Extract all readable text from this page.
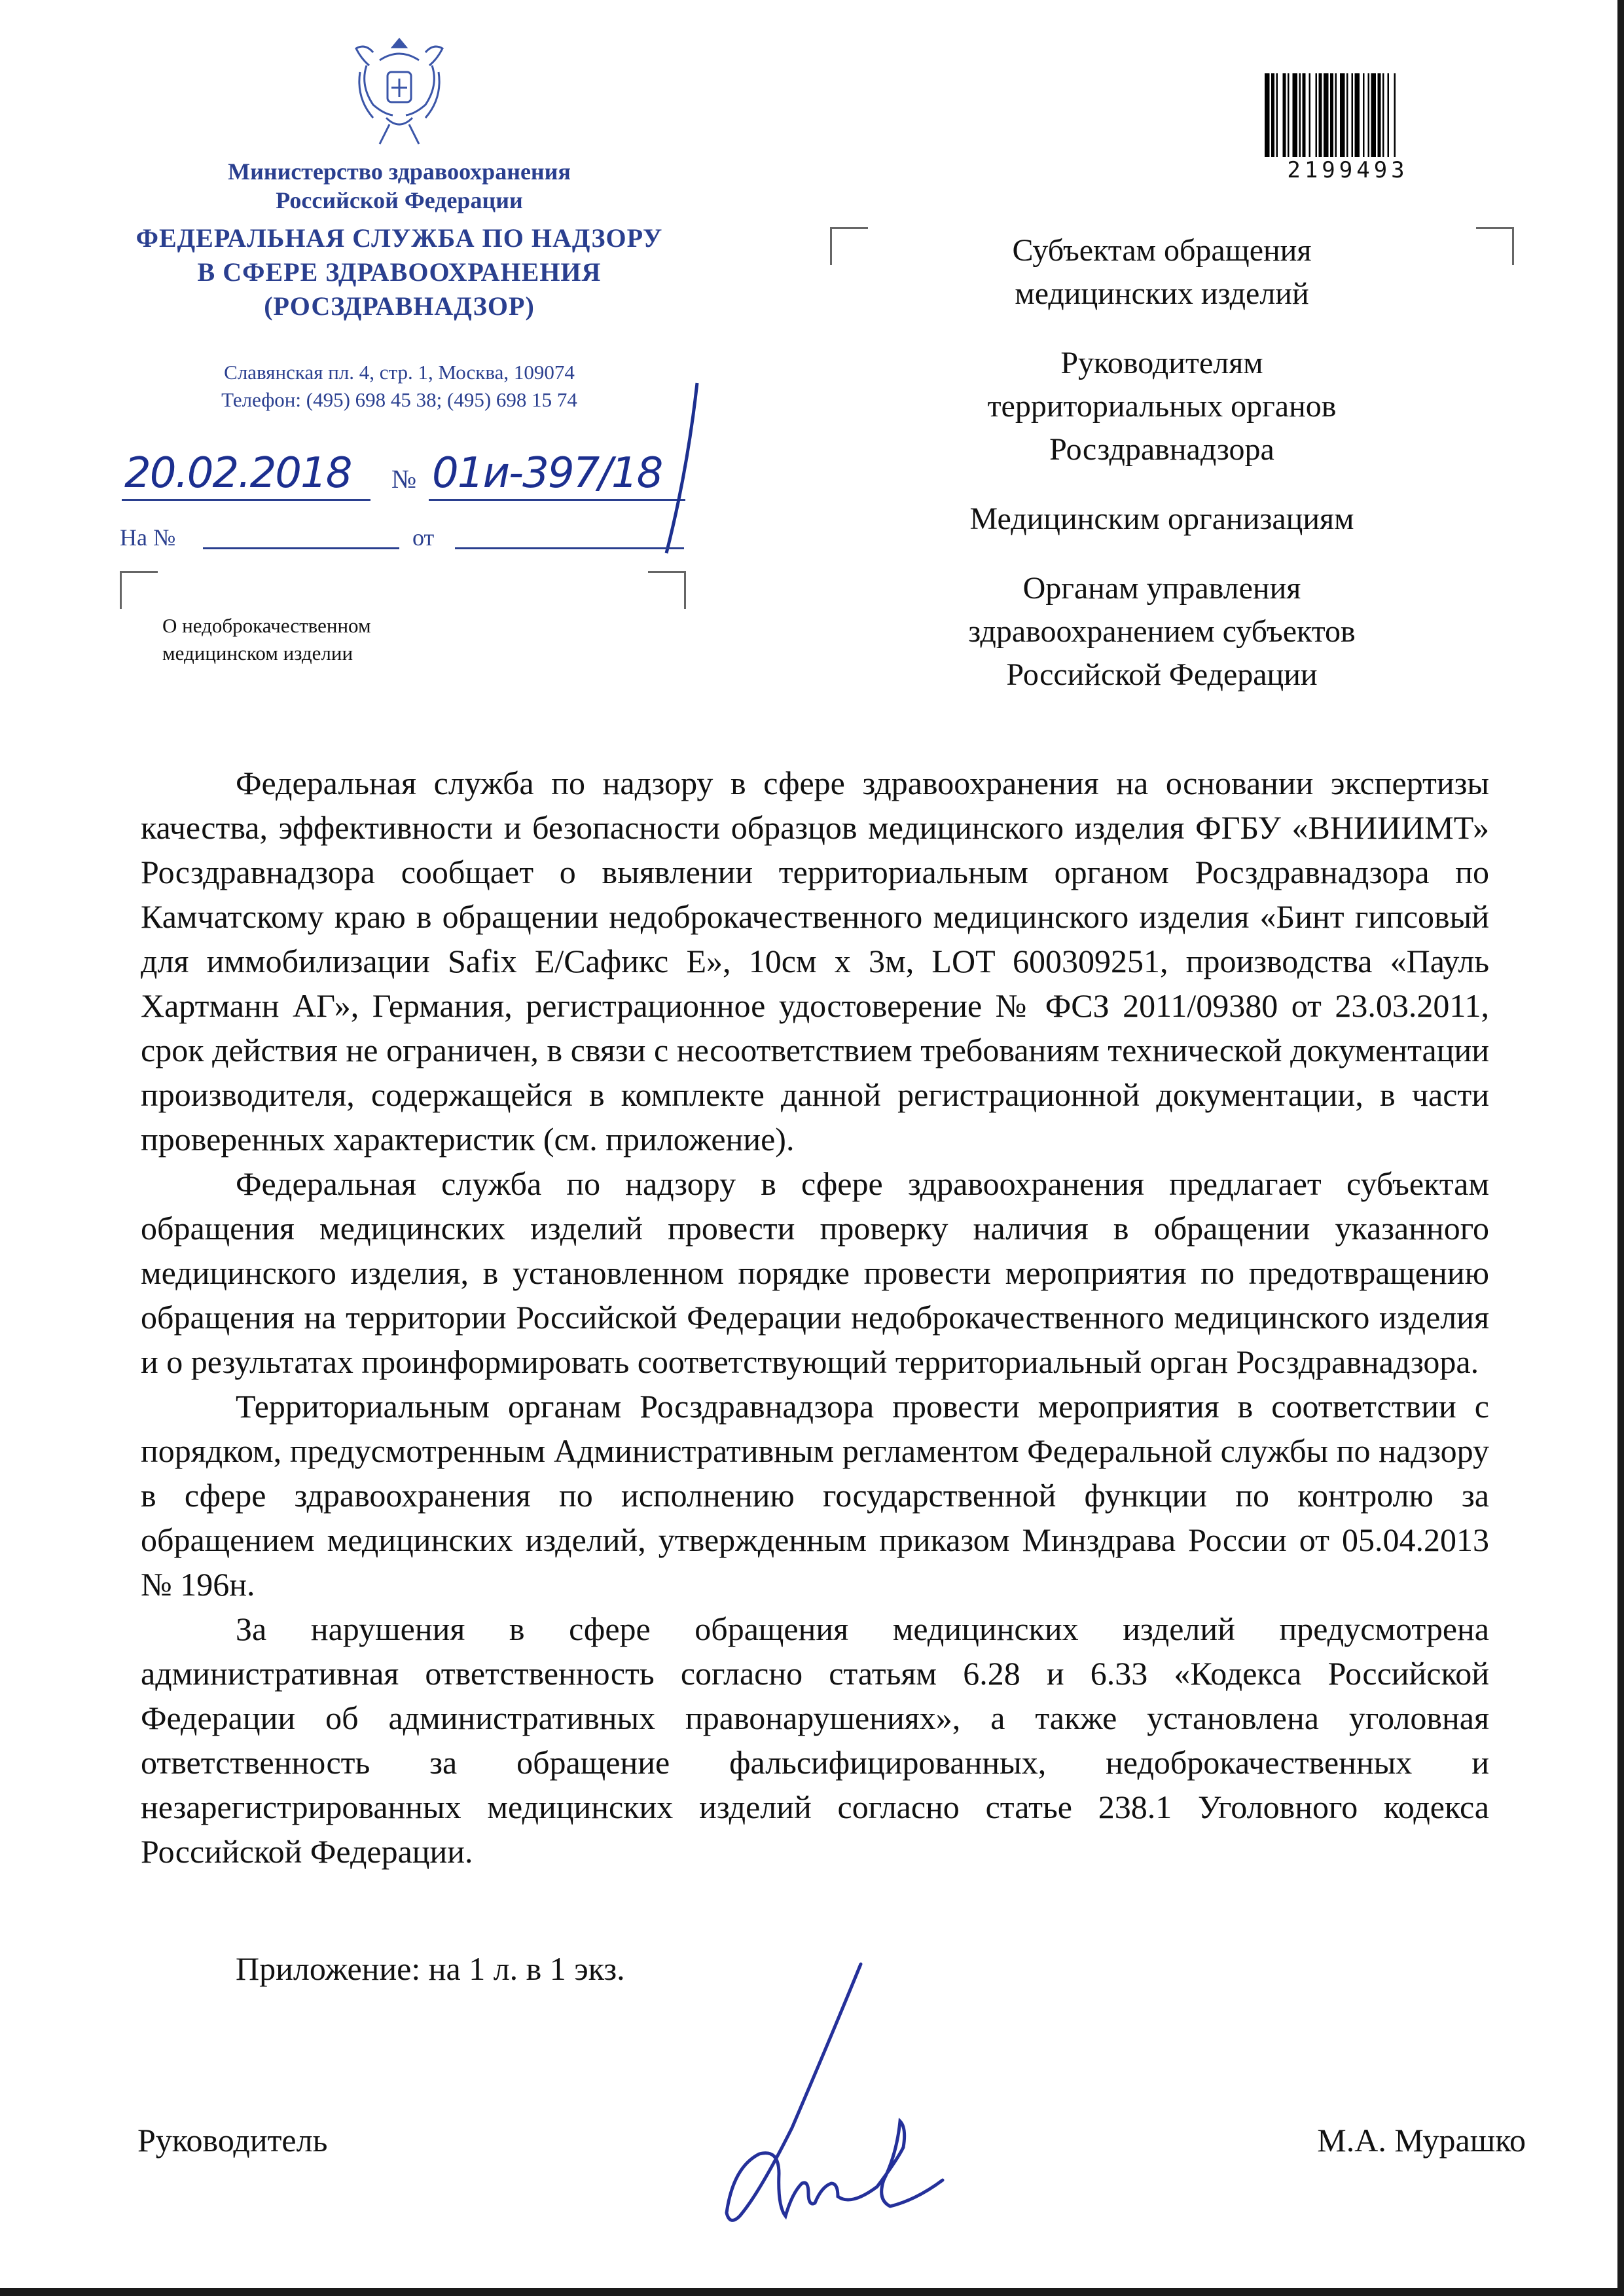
Министерство здравоохранения
Российской Федерации
ФЕДЕРАЛЬНАЯ СЛУЖБА ПО НАДЗОРУ
В СФЕРЕ ЗДРАВООХРАНЕНИЯ
(РОСЗДРАВНАДЗОР)
Славянская пл. 4, стр. 1, Москва, 109074
Телефон: (495) 698 45 38; (495) 698 15 74
20.02.2018 № 01и-397/18
На №	от
О недоброкачественном
медицинском изделии
2199493

Субъектам обращения
медицинских изделий

Руководителям
территориальных органов
Росздравнадзора

Медицинским организациям

Органам управления
здравоохранением субъектов
Российской Федерации

Федеральная служба по надзору в сфере здравоохранения на основании экспертизы качества, эффективности и безопасности образцов медицинского изделия ФГБУ «ВНИИИМТ» Росздравнадзора сообщает о выявлении территориальным органом Росздравнадзора по Камчатскому краю в обращении недоброкачественного медицинского изделия «Бинт гипсовый для иммобилизации Safix E/Сафикс E», 10см х 3м, LOT 600309251, производства «Пауль Хартманн АГ», Германия, регистрационное удостоверение № ФСЗ 2011/09380 от 23.03.2011, срок действия не ограничен, в связи с несоответствием требованиям технической документации производителя, содержащейся в комплекте данной регистрационной документации, в части проверенных характеристик (см. приложение).

Федеральная служба по надзору в сфере здравоохранения предлагает субъектам обращения медицинских изделий провести проверку наличия в обращении указанного медицинского изделия, в установленном порядке провести мероприятия по предотвращению обращения на территории Российской Федерации недоброкачественного медицинского изделия и о результатах проинформировать соответствующий территориальный орган Росздравнадзора.

Территориальным органам Росздравнадзора провести мероприятия в соответствии с порядком, предусмотренным Административным регламентом Федеральной службы по надзору в сфере здравоохранения по исполнению государственной функции по контролю за обращением медицинских изделий, утвержденным приказом Минздрава России от 05.04.2013 № 196н.

За нарушения в сфере обращения медицинских изделий предусмотрена административная ответственность согласно статьям 6.28 и 6.33 «Кодекса Российской Федерации об административных правонарушениях», а также установлена уголовная ответственность за обращение фальсифицированных, недоброкачественных и незарегистрированных медицинских изделий согласно статье 238.1 Уголовного кодекса Российской Федерации.

Приложение: на 1 л. в 1 экз.
Руководитель	М.А. Мурашко
